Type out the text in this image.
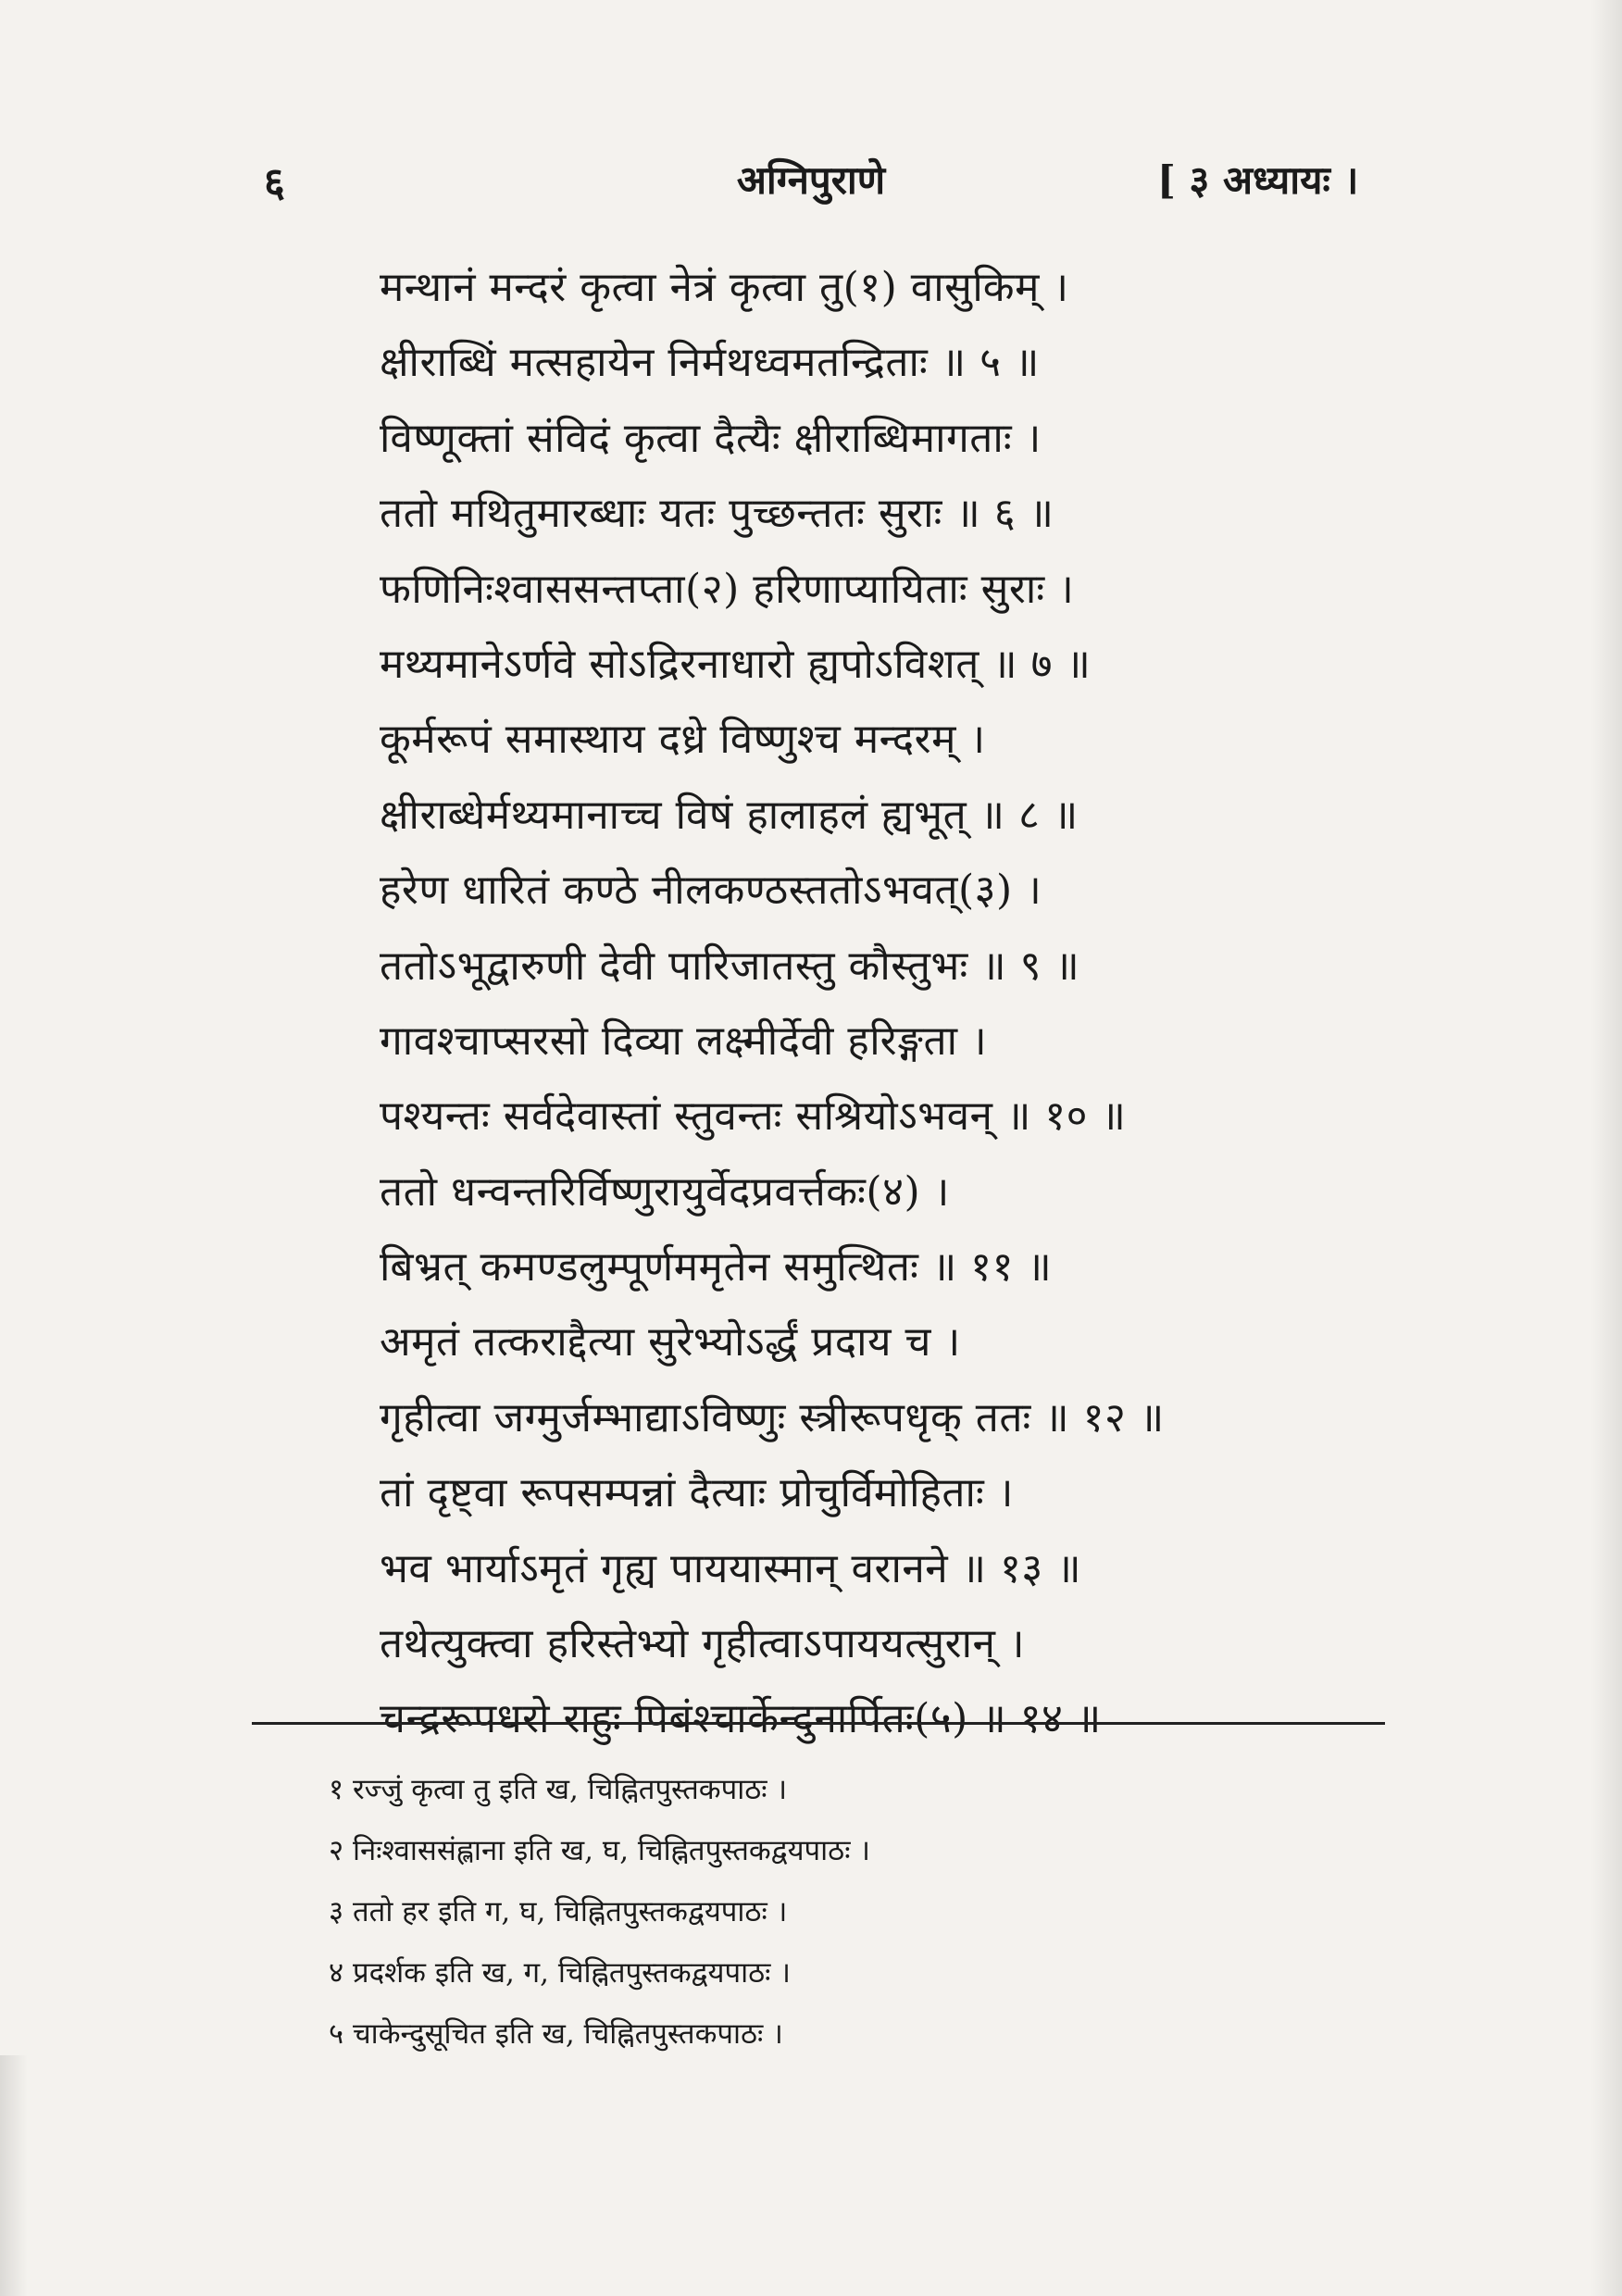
६	अग्निपुराणे	[ ३ अध्यायः ।
मन्थानं मन्दरं कृत्वा नेत्रं कृत्वा तु(१) वासुकिम् ।
क्षीराब्धिं मत्सहायेन निर्मथध्वमतन्द्रिताः ॥ ५ ॥
विष्णूक्तां संविदं कृत्वा दैत्यैः क्षीराब्धिमागताः ।
ततो मथितुमारब्धाः यतः पुच्छन्ततः सुराः ॥ ६ ॥
फणिनिःश्वाससन्तप्ता(२) हरिणाप्यायिताः सुराः ।
मथ्यमानेऽर्णवे सोऽद्रिरनाधारो ह्यपोऽविशत् ॥ ७ ॥
कूर्मरूपं समास्थाय दध्रे विष्णुश्च मन्दरम् ।
क्षीराब्धेर्मथ्यमानाच्च विषं हालाहलं ह्यभूत् ॥ ८ ॥
हरेण धारितं कण्ठे नीलकण्ठस्ततोऽभवत्(३) ।
ततोऽभूद्वारुणी देवी पारिजातस्तु कौस्तुभः ॥ ९ ॥
गावश्चाप्सरसो दिव्या लक्ष्मीर्देवी हरिङ्गता ।
पश्यन्तः सर्वदेवास्तां स्तुवन्तः सश्रियोऽभवन् ॥ १० ॥
ततो धन्वन्तरिर्विष्णुरायुर्वेदप्रवर्त्तकः(४) ।
बिभ्रत् कमण्डलुम्पूर्णममृतेन समुत्थितः ॥ ११ ॥
अमृतं तत्कराद्दैत्या सुरेभ्योऽर्द्धं प्रदाय च ।
गृहीत्वा जग्मुर्जम्भाद्याऽविष्णुः स्त्रीरूपधृक् ततः ॥ १२ ॥
तां दृष्ट्वा रूपसम्पन्नां दैत्याः प्रोचुर्विमोहिताः ।
भव भार्याऽमृतं गृह्य पाययास्मान् वरानने ॥ १३ ॥
तथेत्युक्त्वा हरिस्तेभ्यो गृहीत्वाऽपाययत्सुरान् ।
चन्द्ररूपधरो राहुः पिबंश्चार्केन्दुनार्पितः(५) ॥ १४ ॥
१ रज्जुं कृत्वा तु इति ख, चिह्नितपुस्तकपाठः ।
२ निःश्वाससंह्लाना इति ख, घ, चिह्नितपुस्तकद्वयपाठः ।
३ ततो हर इति ग, घ, चिह्नितपुस्तकद्वयपाठः ।
४ प्रदर्शक इति ख, ग, चिह्नितपुस्तकद्वयपाठः ।
५ चाकेन्दुसूचित इति ख, चिह्नितपुस्तकपाठः ।
